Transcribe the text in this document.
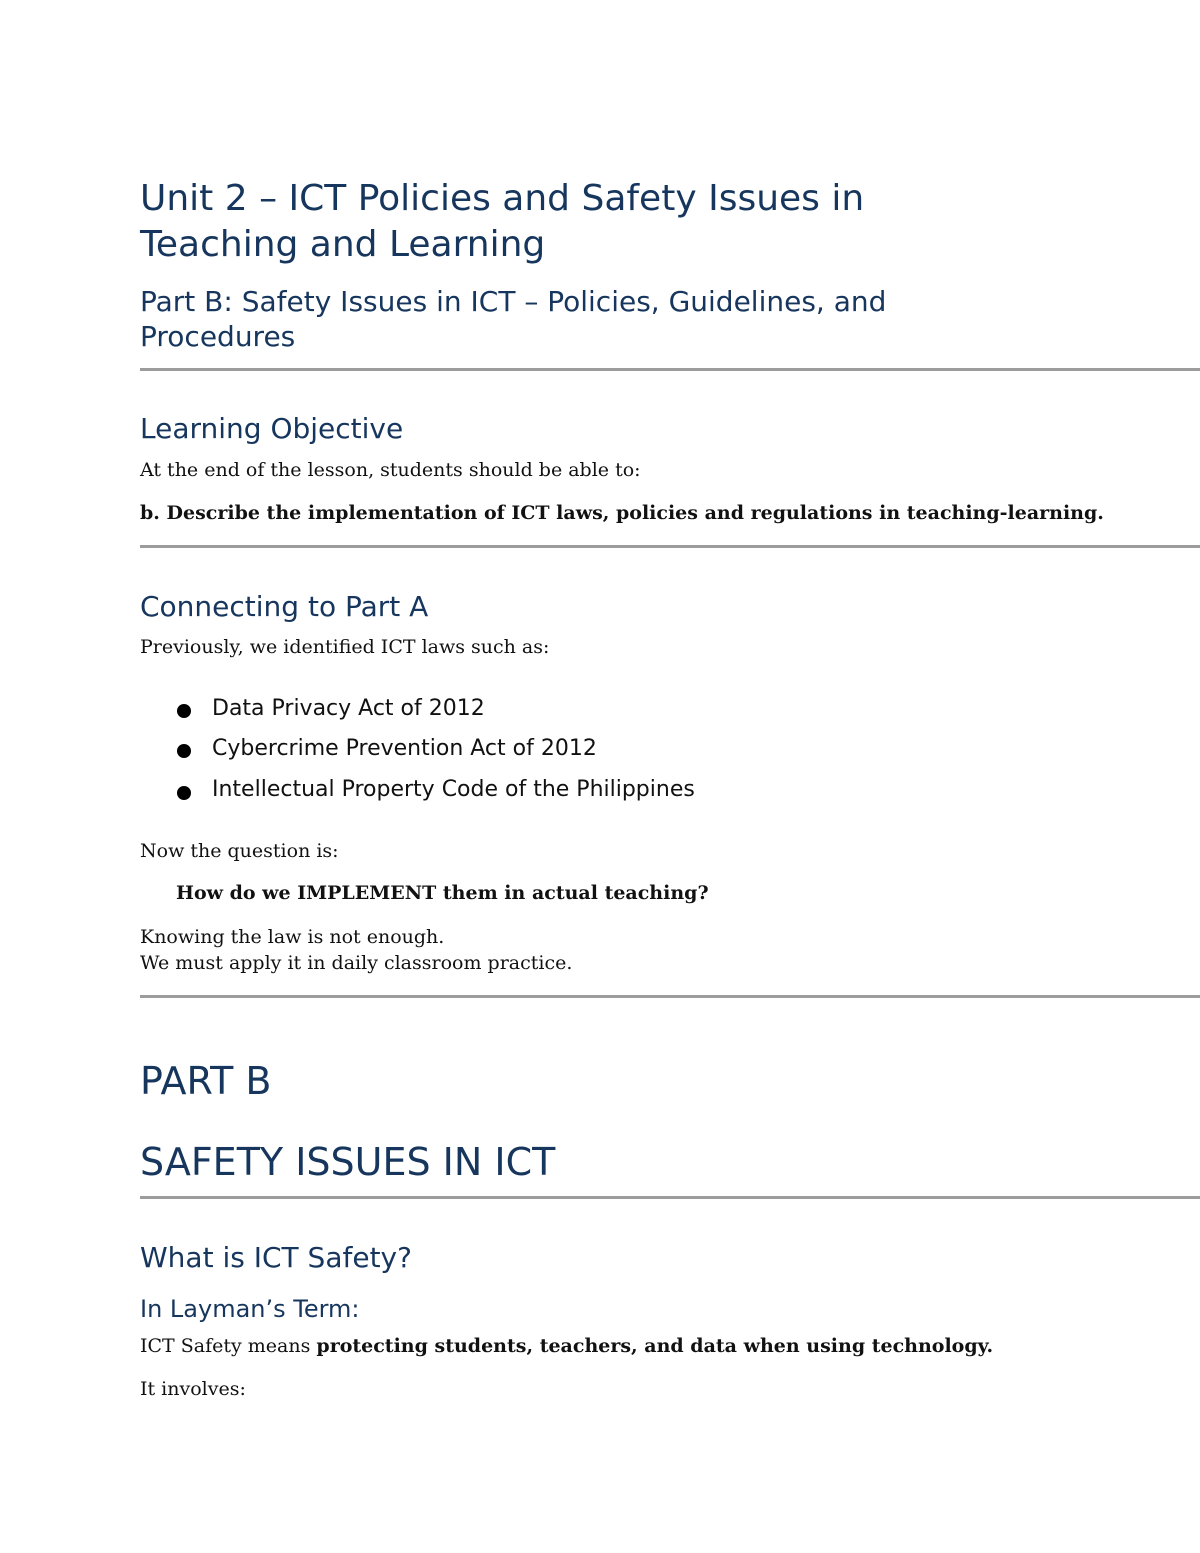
Unit 2 – ICT Policies and Safety Issues in
Teaching and Learning
Part B: Safety Issues in ICT – Policies, Guidelines, and
Procedures
Learning Objective

At the end of the lesson, students should be able to:

b. Describe the implementation of ICT laws, policies and regulations in teaching-learning.

Connecting to Part A

Previously, we identified ICT laws such as:

Data Privacy Act of 2012
Cybercrime Prevention Act of 2012
Intellectual Property Code of the Philippines

Now the question is:

How do we IMPLEMENT them in actual teaching?

Knowing the law is not enough.

We must apply it in daily classroom practice.

PART B
SAFETY ISSUES IN ICT
What is ICT Safety?
In Layman’s Term:

ICT Safety means protecting students, teachers, and data when using technology.

It involves:
